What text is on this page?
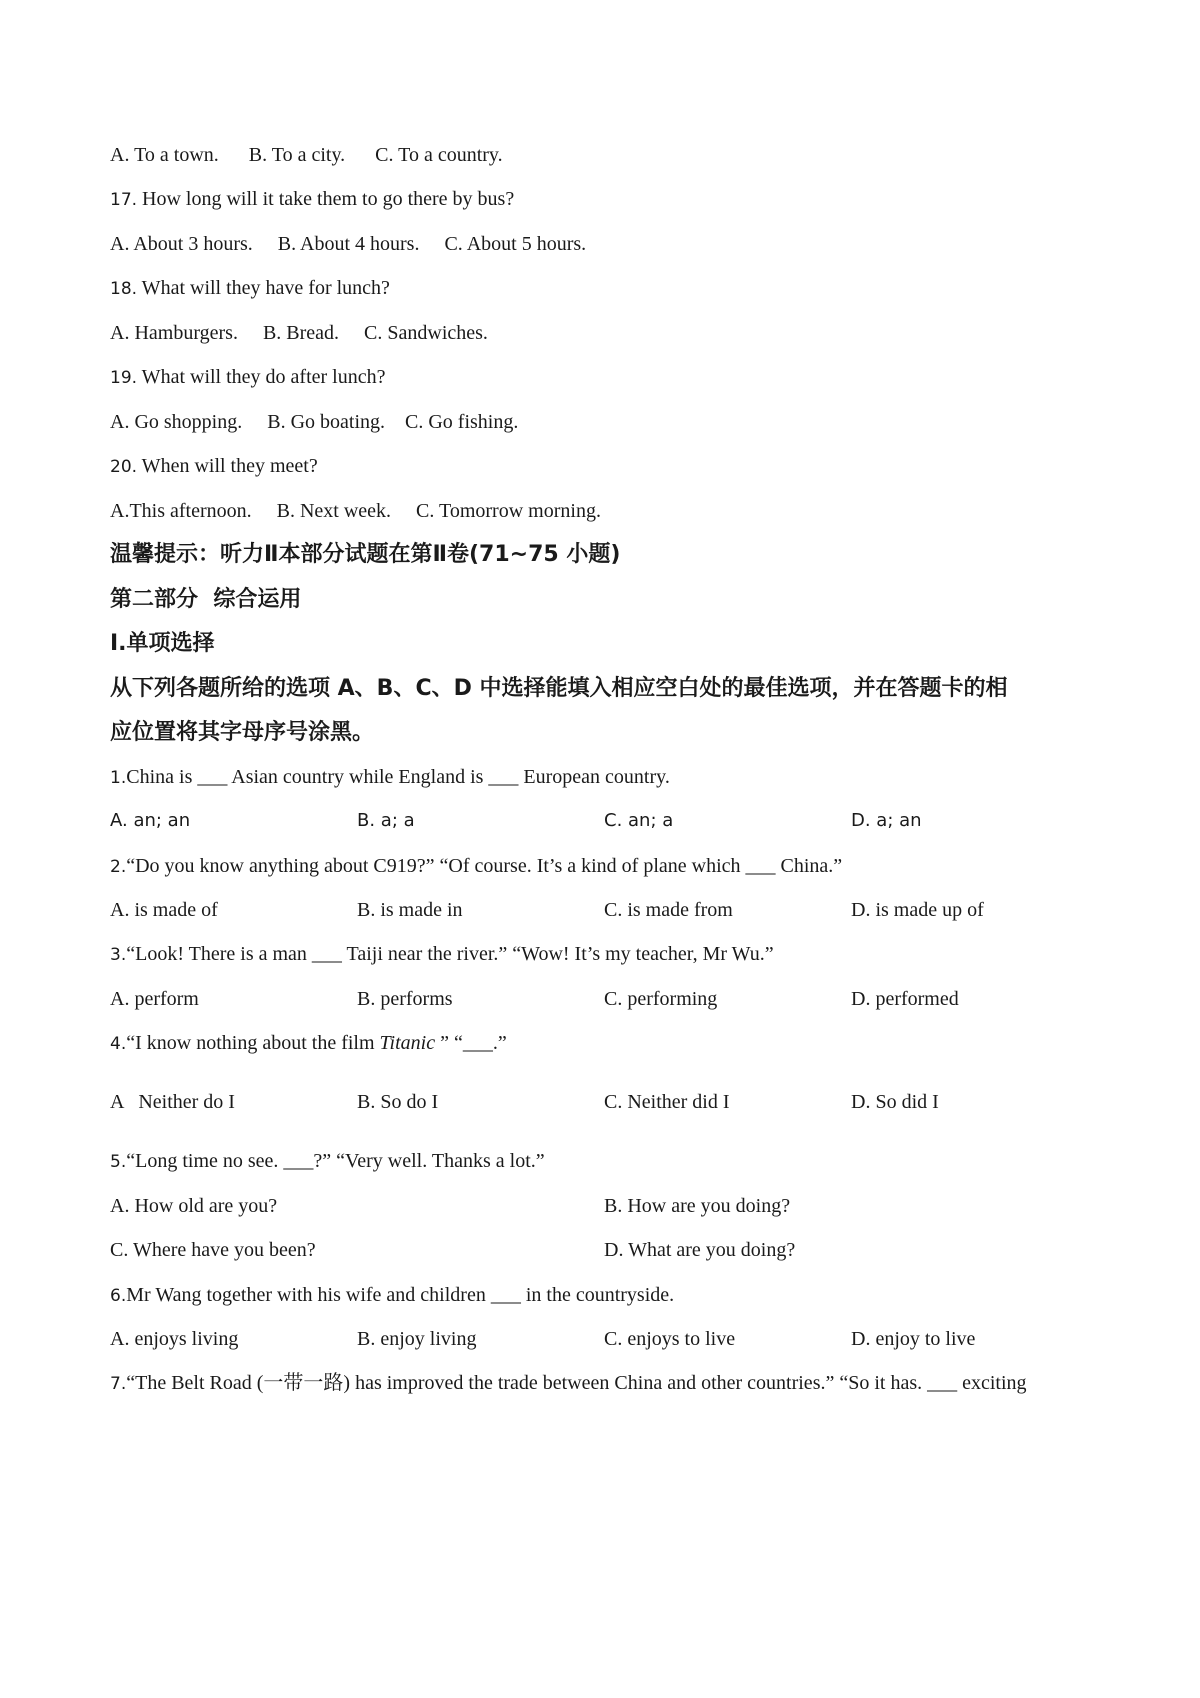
A. To a town.      B. To a city.      C. To a country.
17. How long will it take them to go there by bus?
A. About 3 hours.     B. About 4 hours.     C. About 5 hours.
18. What will they have for lunch?
A. Hamburgers.     B. Bread.     C. Sandwiches.
19. What will they do after lunch?
A. Go shopping.     B. Go boating.    C. Go fishing.
20. When will they meet?
A.This afternoon.     B. Next week.     C. Tomorrow morning.
温馨提示：听力Ⅱ本部分试题在第Ⅱ卷(71~75 小题)
第二部分  综合运用
Ⅰ.单项选择
从下列各题所给的选项 A、B、C、D 中选择能填入相应空白处的最佳选项，并在答题卡的相
应位置将其字母序号涂黑。
1.China is ___ Asian country while England is ___ European country.
A. an; an	B. a; a	C. an; a	D. a; an
2.“Do you know anything about C919?” “Of course. It’s a kind of plane which ___ China.”
A. is made of	B. is made in	C. is made from	D. is made up of
3.“Look! There is a man ___ Taiji near the river.” “Wow! It’s my teacher, Mr Wu.”
A. perform	B. performs	C. performing	D. performed
4.“I know nothing about the film Titanic ” “___.”
A   Neither do I	B. So do I	C. Neither did I	D. So did I
5.“Long time no see. ___?” “Very well. Thanks a lot.”
A. How old are you?	B. How are you doing?
C. Where have you been?	D. What are you doing?
6.Mr Wang together with his wife and children ___ in the countryside.
A. enjoys living	B. enjoy living	C. enjoys to live	D. enjoy to live
7.“The Belt Road (一带一路) has improved the trade between China and other countries.” “So it has. ___ exciting
